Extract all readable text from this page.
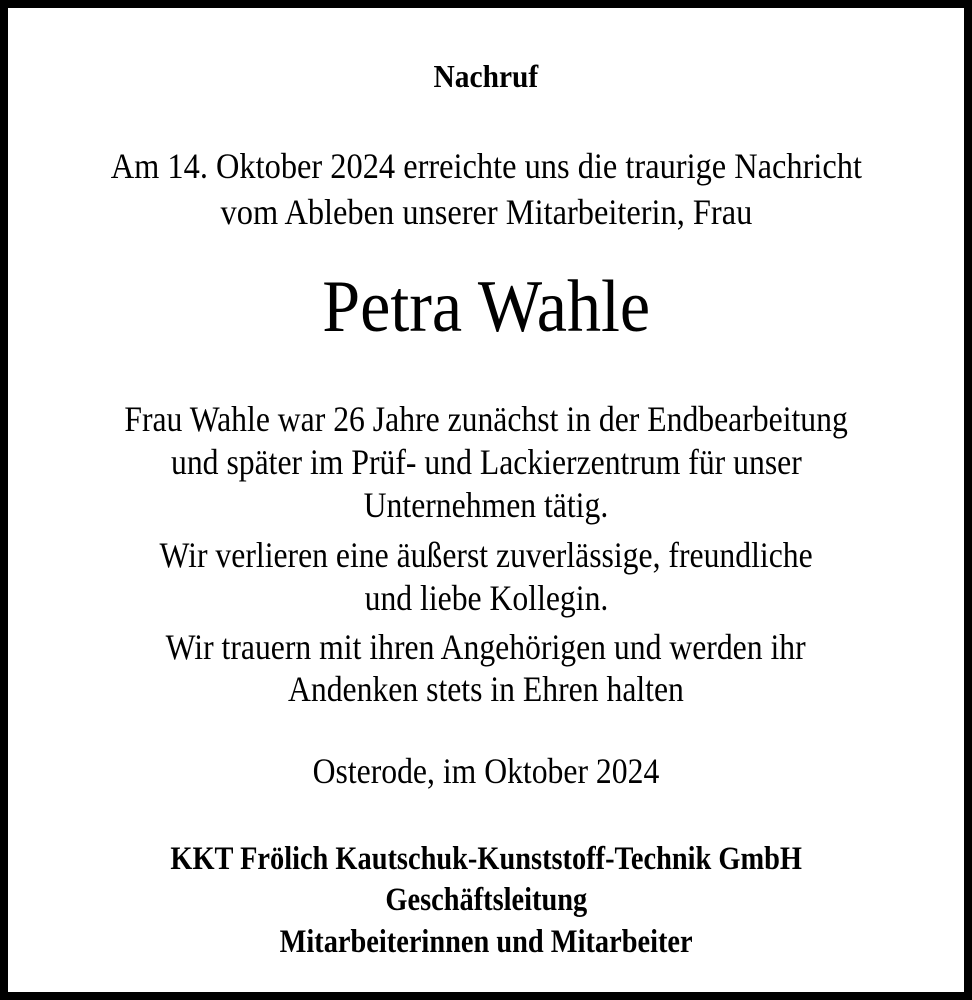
Nachruf
Am 14. Oktober 2024 erreichte uns die traurige Nachricht
vom Ableben unserer Mitarbeiterin, Frau
Petra Wahle
Frau Wahle war 26 Jahre zunächst in der Endbearbeitung
und später im Prüf- und Lackierzentrum für unser
Unternehmen tätig.
Wir verlieren eine äußerst zuverlässige, freundliche
und liebe Kollegin.
Wir trauern mit ihren Angehörigen und werden ihr
Andenken stets in Ehren halten
Osterode, im Oktober 2024
KKT Frölich Kautschuk-Kunststoff-Technik GmbH
Geschäftsleitung
Mitarbeiterinnen und Mitarbeiter
